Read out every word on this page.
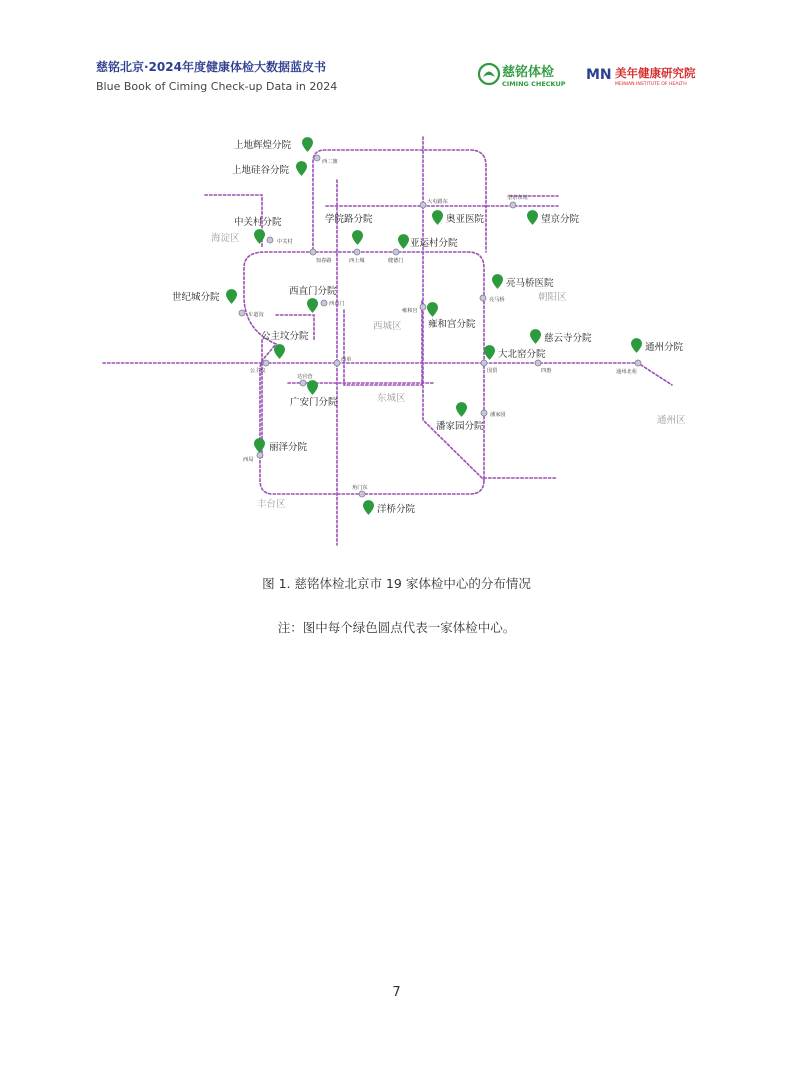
慈铭北京·2024年度健康体检大数据蓝皮书
Blue Book of Ciming Check-up Data in 2024
慈铭体检
CIMING CHECKUP
MN 美年健康研究院
MEINIAN INSTITUTE OF HEALTH
西二旗
大屯路东
望京东站
中关村
知春路	西土城	健德门
西直门
车道沟
雍和宫
亮马桥
西单
公主坟	国贸	四惠	通州北苑
达官营
潘家园
西局
角门东
海淀区
朝阳区
西城区
东城区
通州区
丰台区
上地辉煌分院
上地硅谷分院
中关村分院	学院路分院	奥亚医院	望京分院
亚运村分院
世纪城分院
西直门分院
亮马桥医院
雍和宫分院
公主坟分院	慈云寺分院
通州分院
大北窑分院
广安门分院
潘家园分院
丽泽分院
洋桥分院
图 1. 慈铭体检北京市 19 家体检中心的分布情况
注：图中每个绿色圆点代表一家体检中心。
7
